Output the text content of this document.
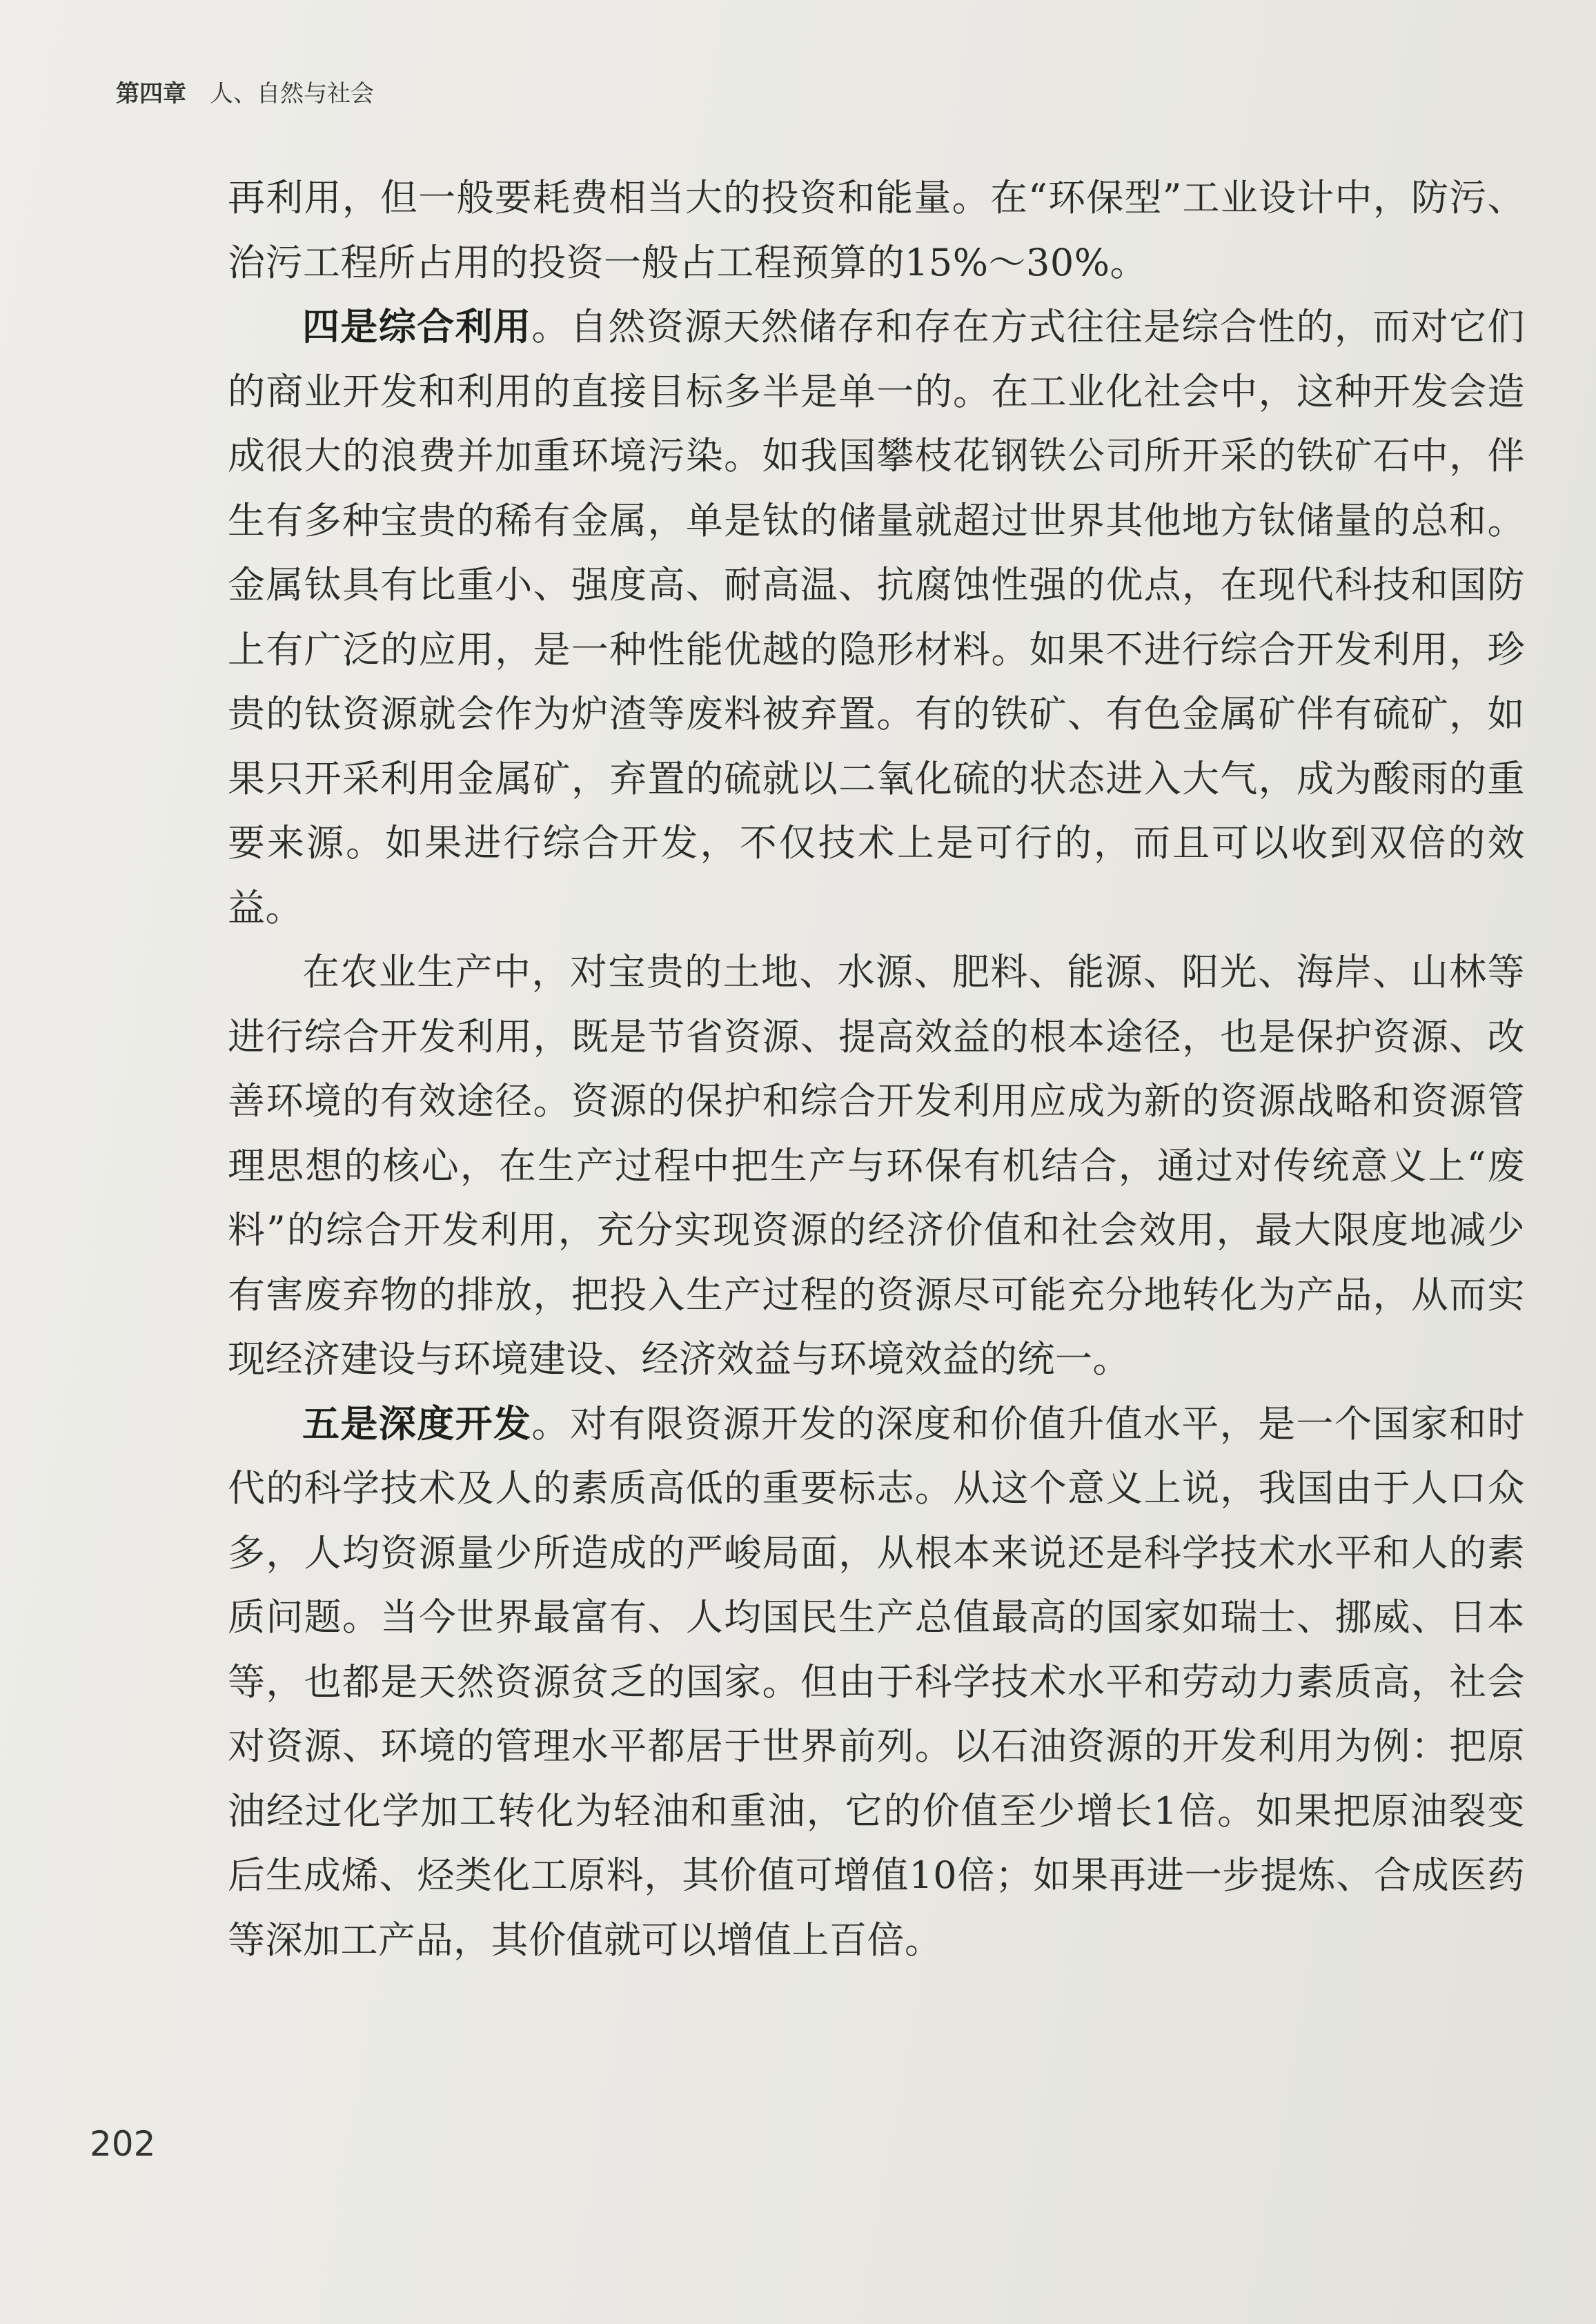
第四章 人、自然与社会

再利用，但一般要耗费相当大的投资和能量。在“环保型”工业设计中，防污、治污工程所占用的投资一般占工程预算的15%～30%。

四是综合利用。自然资源天然储存和存在方式往往是综合性的，而对它们的商业开发和利用的直接目标多半是单一的。在工业化社会中，这种开发会造成很大的浪费并加重环境污染。如我国攀枝花钢铁公司所开采的铁矿石中，伴生有多种宝贵的稀有金属，单是钛的储量就超过世界其他地方钛储量的总和。金属钛具有比重小、强度高、耐高温、抗腐蚀性强的优点，在现代科技和国防上有广泛的应用，是一种性能优越的隐形材料。如果不进行综合开发利用，珍贵的钛资源就会作为炉渣等废料被弃置。有的铁矿、有色金属矿伴有硫矿，如果只开采利用金属矿，弃置的硫就以二氧化硫的状态进入大气，成为酸雨的重要来源。如果进行综合开发，不仅技术上是可行的，而且可以收到双倍的效益。

在农业生产中，对宝贵的土地、水源、肥料、能源、阳光、海岸、山林等进行综合开发利用，既是节省资源、提高效益的根本途径，也是保护资源、改善环境的有效途径。资源的保护和综合开发利用应成为新的资源战略和资源管理思想的核心，在生产过程中把生产与环保有机结合，通过对传统意义上“废料”的综合开发利用，充分实现资源的经济价值和社会效用，最大限度地减少有害废弃物的排放，把投入生产过程的资源尽可能充分地转化为产品，从而实现经济建设与环境建设、经济效益与环境效益的统一。

五是深度开发。对有限资源开发的深度和价值升值水平，是一个国家和时代的科学技术及人的素质高低的重要标志。从这个意义上说，我国由于人口众多，人均资源量少所造成的严峻局面，从根本来说还是科学技术水平和人的素质问题。当今世界最富有、人均国民生产总值最高的国家如瑞士、挪威、日本等，也都是天然资源贫乏的国家。但由于科学技术水平和劳动力素质高，社会对资源、环境的管理水平都居于世界前列。以石油资源的开发利用为例：把原油经过化学加工转化为轻油和重油，它的价值至少增长1倍。如果把原油裂变后生成烯、烃类化工原料，其价值可增值10倍；如果再进一步提炼、合成医药等深加工产品，其价值就可以增值上百倍。

202
